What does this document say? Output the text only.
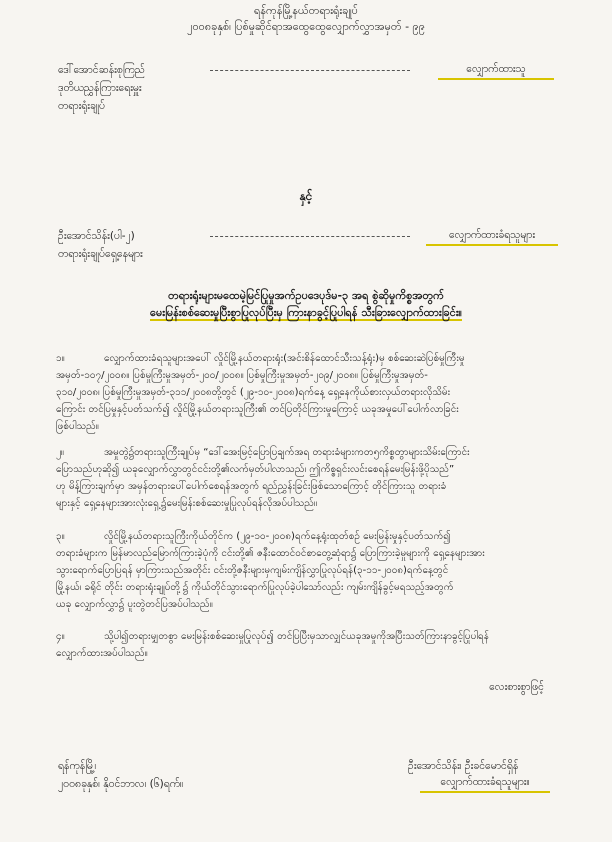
ရန်ကုန်မြို့နယ်တရားရုံးချုပ်
၂၀၀၈ခုနှစ်၊ ပြစ်မှုဆိုင်ရာအထွေထွေလျှောက်လွှာအမှတ် - ၉၉
ဒေါ်အောင်ဆန်းစုကြည်
ဒုတိယညွှန်ကြားရေးမှူး
တရားရုံးချုပ်
လျှောက်ထားသူ
နှင့်
ဦးအောင်သိန်း(ပါ-၂)
တရားရုံးချုပ်ရှေ့နေများ
လျှောက်ထားခံရသူများ
တရားရုံးများမထေမဲ့မြင်ပြုမှုအက်ဥပဒေပုဒ်မ-၃ အရ စွဲဆိုမှုကိစ္စအတွက်
မေးမြန်းစစ်ဆေးမှုပြီးစွာပြုလုပ်ပြီးမှ ကြားနာခွင့်ပြုပါရန် သီးခြားလျှောက်ထားခြင်း။
၁။	လျှောက်ထားခံရသူများအပေါ် လှိုင်မြို့နယ်တရားရုံး(အင်းစိန်ထောင်သီးသန့်ရုံး)မှ စစ်ဆေးဆဲပြစ်မှုကြီးမှု
အမှတ်-၁၀၇/၂၀၀၈။ ပြစ်မှုကြီးမှုအမှတ်-၂၀၀/၂၀၀၈။ ပြစ်မှုကြီးမှုအမှတ်-၂၀၉/၂၀၀၈။ ပြစ်မှုကြီးမှုအမှတ်-
၃၁၀/၂၀၀၈၊ ပြစ်မှုကြီးမှုအမှတ်-၃၁၁/၂၀၀၈တို့တွင် (၂၉-၁၀-၂၀၀၈)ရက်နေ့ ရှေ့နေကိုယ်စားလှယ်တရားလိုသိမ်း
ကြောင်း တင်ပြမှုနှင့်ပတ်သက်၍ လှိုင်မြို့နယ်တရားသူကြီး၏ တင်ပြတိုင်ကြားမှုကြောင့် ယခုအမှုပေါ်ပေါက်လာခြင်း
ဖြစ်ပါသည်။
၂။	အမှုတွဲ၌တရားသူကြီးချုပ်မှ “ဒေါ်အေးမြင့်ပြောပြချက်အရ တရားခံများကတ၅ကိစ္စတွာများသိမ်းကြောင်း
ပြောသည်ဟုဆို၍ ယခုလျှောက်လွှာတွင်ငင်းတို့၏လက်မှတ်ပါလာသည်၊ ဤကိစ္စရှင်းလင်းစေရန်မေးမြန်းဖို့ပိုသည်”
ဟု မိန့်ကြားချက်မှာ အမှန်တရားပေါ်ပေါက်စေရန်အတွက် ရည်ညွှန်းခြင်းဖြစ်သောကြောင့် တိုင်ကြားသူ တရားခံ
များနှင့် ရှေ့နေများအားလုံးရှေ့၌မေးမြန်းစစ်ဆေးမှုပြုလုပ်ရန်လိုအပ်ပါသည်။
၃။	လှိုင်မြို့နယ်တရားသူကြီးကိုယ်တိုင်က (၂၉-၁၀-၂၀၀၈)ရက်နေ့ရုံးထုတ်စဉ် မေးမြန်းမှုနှင့်ပတ်သက်၍
တရားခံများက မြန်မာလည်မြောက်ကြားခဲ့ပုံကို ငင်းတို့၏ ဇနီးထောင်ဝင်စာတွေ့ဆုံရာ၌ ပြောကြားခဲ့မှုများကို ရှေ့နေများအား
သွားရောက်ပြောပြရန် မှာကြားသည်အတိုင်း ငင်းတို့ဇနီးများမှကျမ်းကျိန်လွှာပြုလုပ်ရန်(၃-၁၁-၂၀၀၈)ရက်နေ့တွင်
မြို့နယ်၊ ခရိုင် တိုင်း တရားရုံးချုပ်တို့၌ ကိုယ်တိုင်သွားရောက်ပြုလုပ်ခဲ့ပါသော်လည်း ကျမ်းကျိန်ခွင့်မရသည့်အတွက်
ယခု လျှောက်လွှာ၌ ပူးတွဲတင်ပြအပ်ပါသည်။
၄။	သို့ပါ၍တရားမျှတစွာ မေးမြန်းစစ်ဆေးမှုပြုလုပ်၍ တင်ပြပြီးမှသာလျှင်ယခုအမှုကိုအပြီးသတ်ကြားနာခွင့်ပြုပါရန်
လျှောက်ထားအပ်ပါသည်။
လေးစားစွာဖြင့်
ရန်ကုန်မြို့၊
၂၀၀၈ခုနှစ်၊ နိုဝင်ဘာလ၊ (၆)ရက်။
ဦးအောင်သိန်း၊ ဦးခင်မောင်ရှိန်
လျှောက်ထားခံရသူများ။
